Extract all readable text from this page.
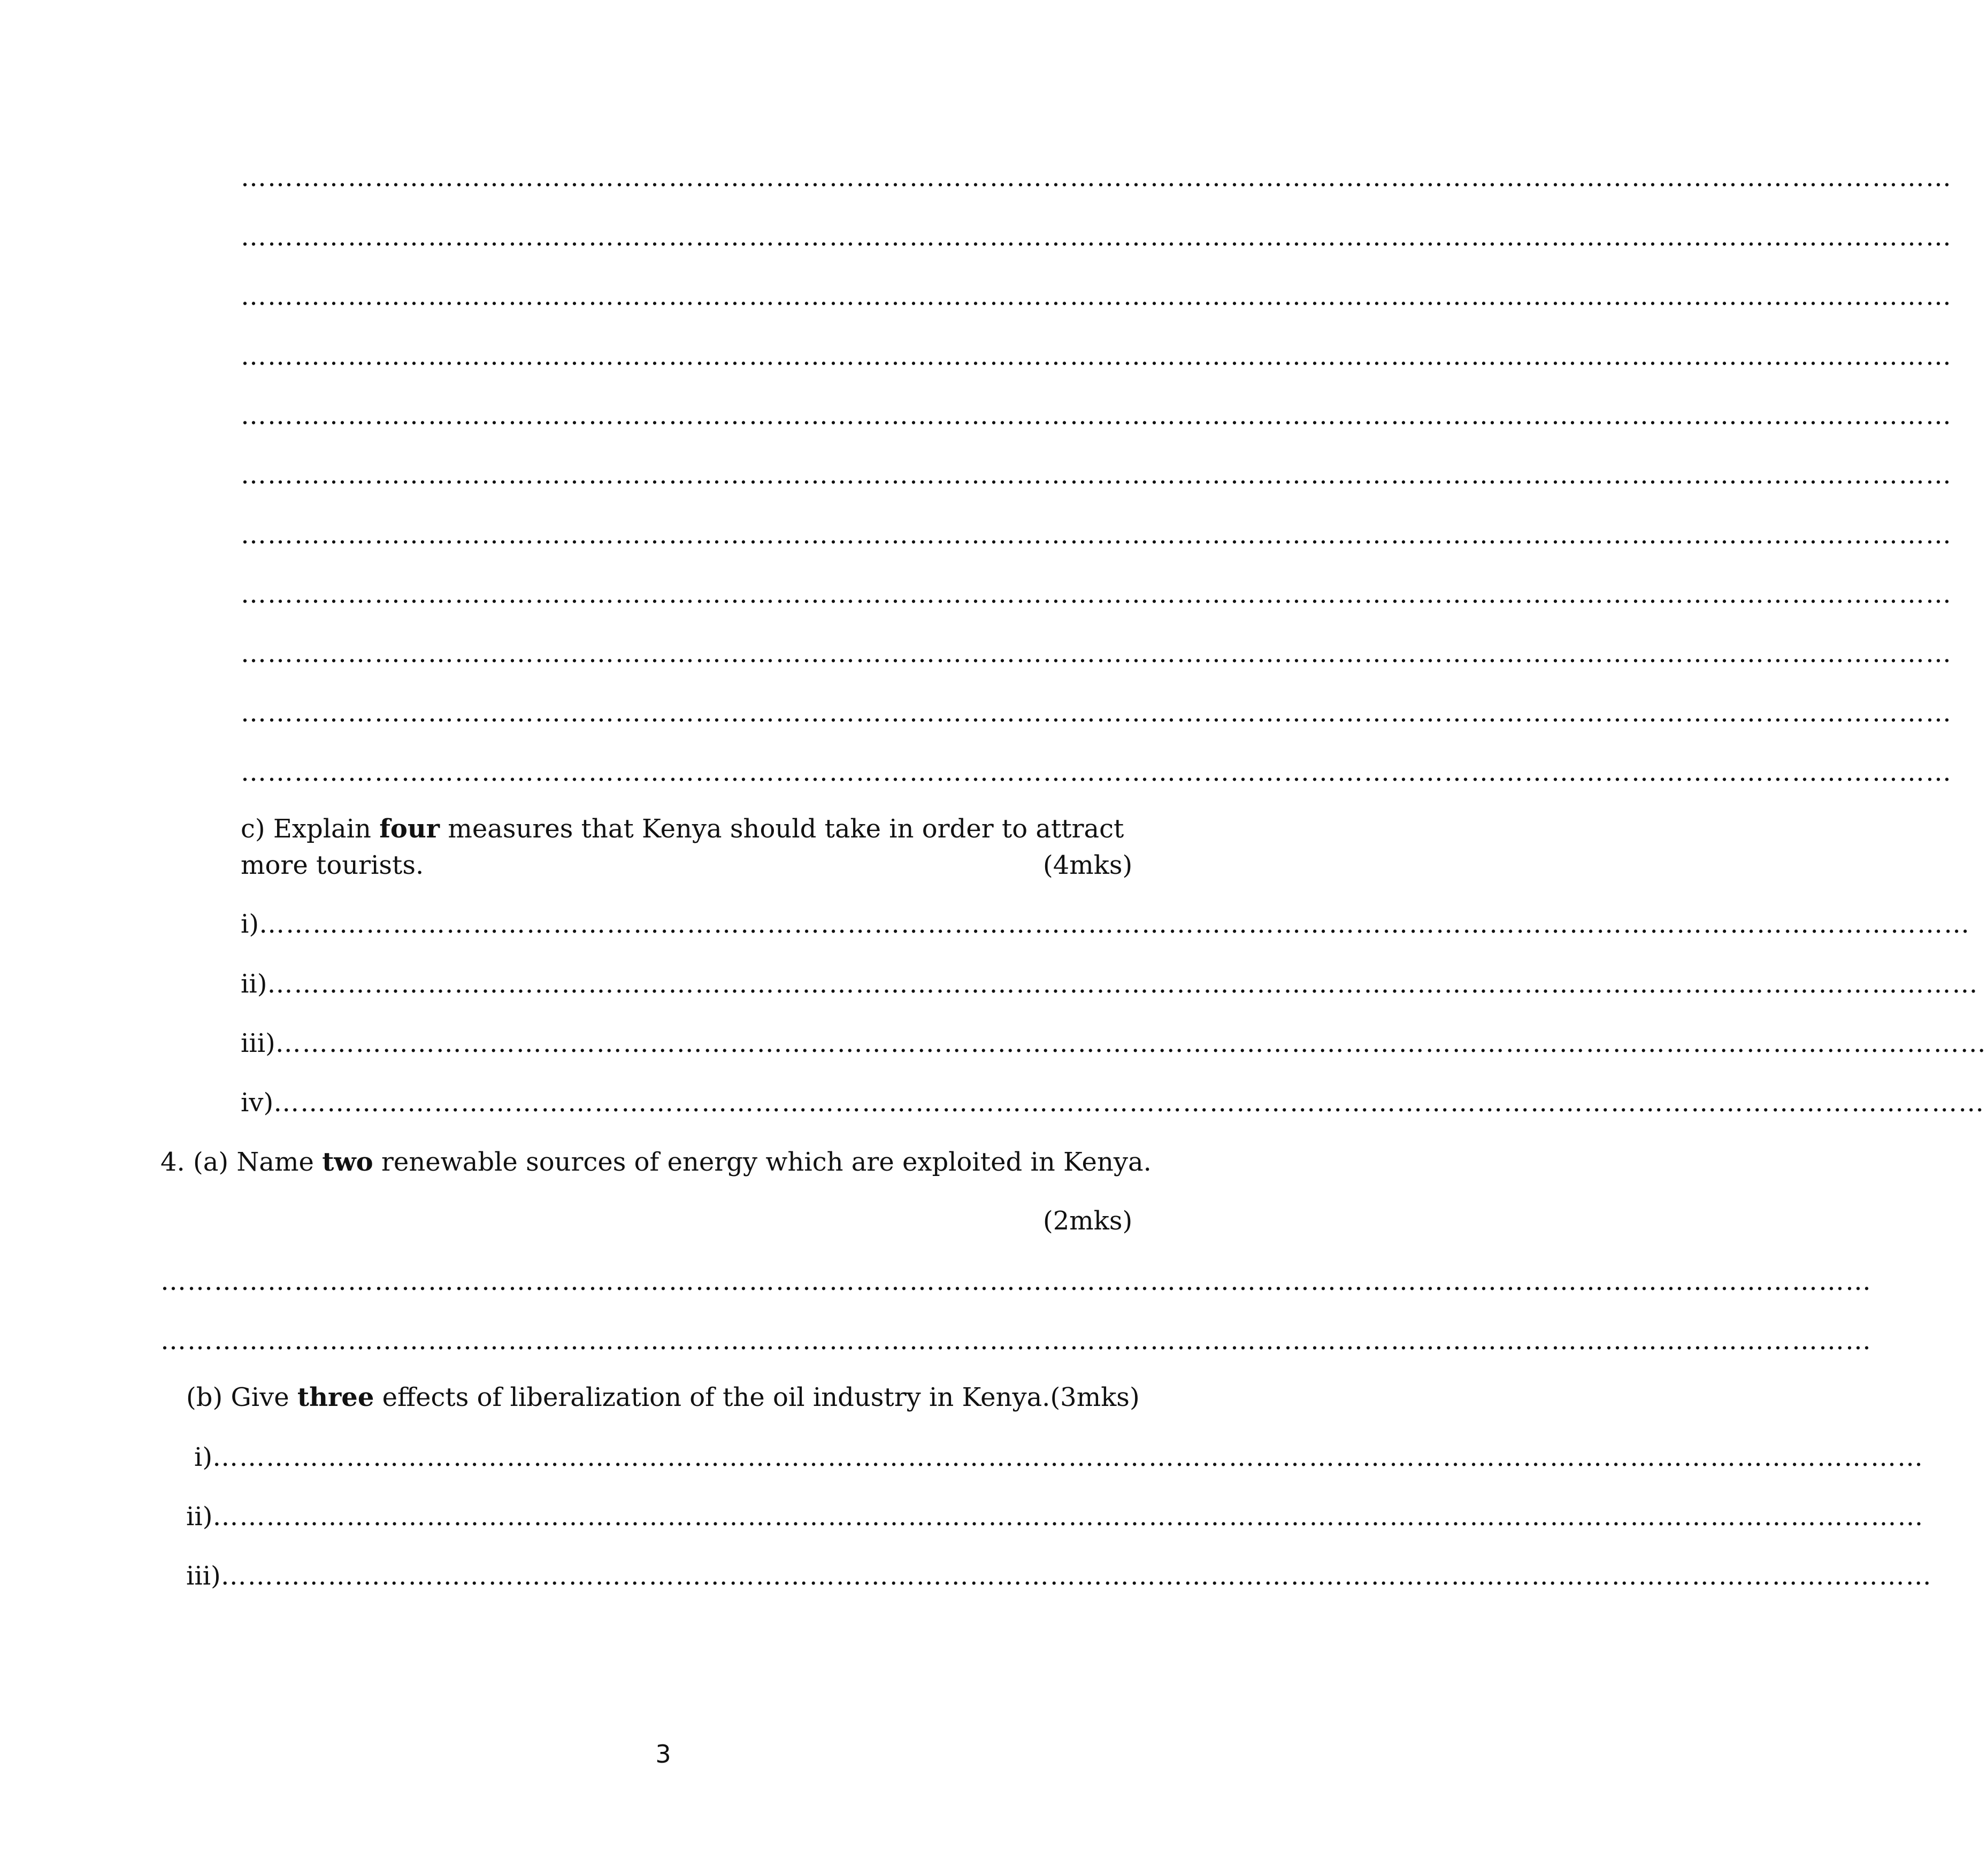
…………………………………………………………………………………………………………………………………………………………………………
…………………………………………………………………………………………………………………………………………………………………………
…………………………………………………………………………………………………………………………………………………………………………
…………………………………………………………………………………………………………………………………………………………………………
…………………………………………………………………………………………………………………………………………………………………………
…………………………………………………………………………………………………………………………………………………………………………
…………………………………………………………………………………………………………………………………………………………………………
…………………………………………………………………………………………………………………………………………………………………………
…………………………………………………………………………………………………………………………………………………………………………
…………………………………………………………………………………………………………………………………………………………………………
…………………………………………………………………………………………………………………………………………………………………………
c) Explain four measures that Kenya should take in order to attract
more tourists.	(4mks)
i)…………………………………………………………………………………………………………………………………………………………………………
ii)…………………………………………………………………………………………………………………………………………………………………………
iii)…………………………………………………………………………………………………………………………………………………………………………
iv)…………………………………………………………………………………………………………………………………………………………………………
4. (a) Name two renewable sources of energy which are exploited in Kenya.
(2mks)
…………………………………………………………………………………………………………………………………………………………………………
…………………………………………………………………………………………………………………………………………………………………………
(b) Give three effects of liberalization of the oil industry in Kenya.(3mks)
i)…………………………………………………………………………………………………………………………………………………………………………
ii)…………………………………………………………………………………………………………………………………………………………………………
iii)…………………………………………………………………………………………………………………………………………………………………………
3
